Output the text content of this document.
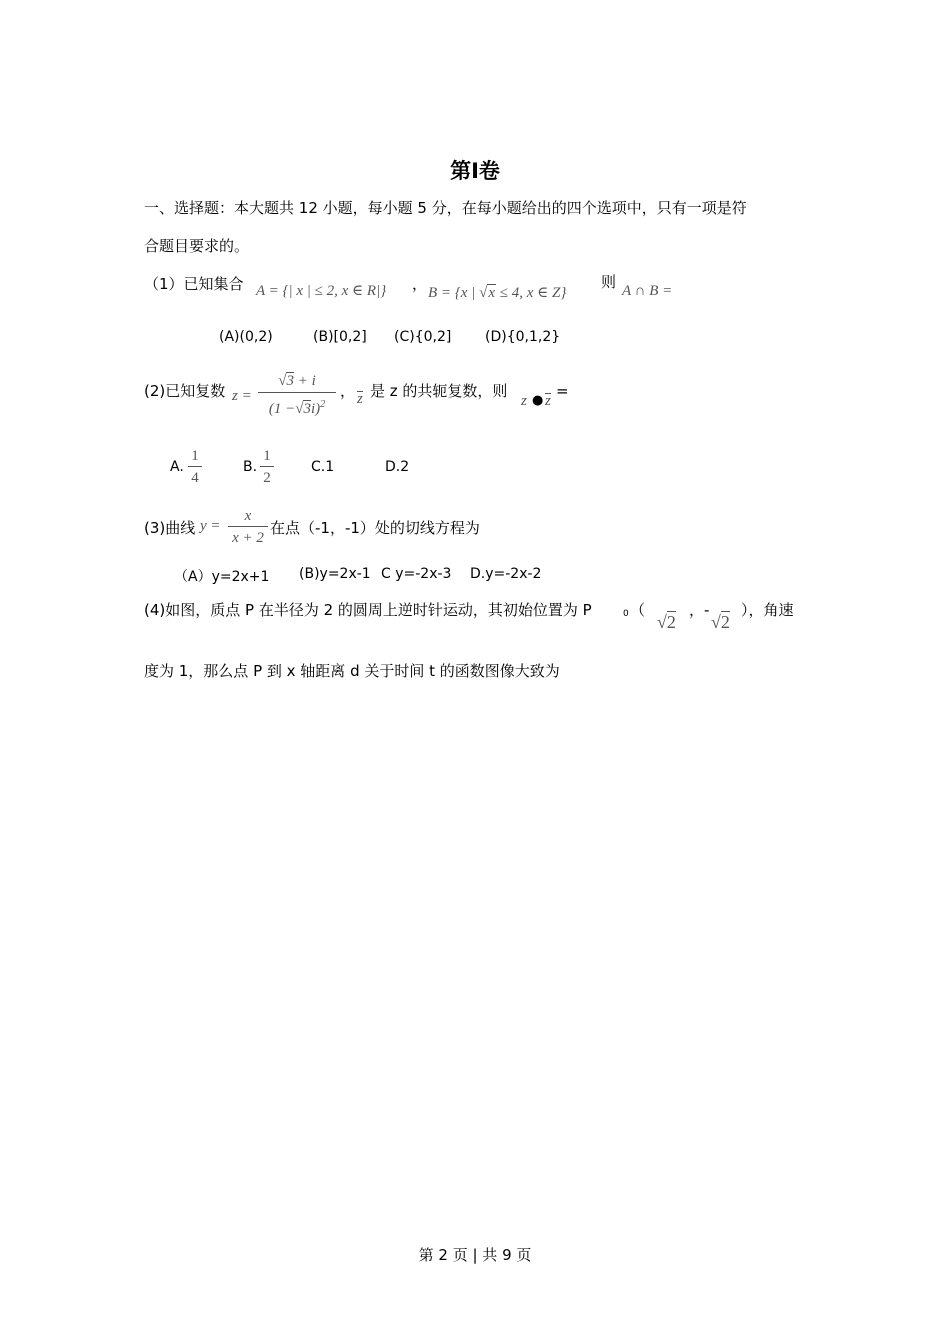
第Ⅰ卷
一、选择题：本大题共 12 小题，每小题 5 分，在每小题给出的四个选项中，只有一项是符
合题目要求的。
（1）已知集合 A = {| x | ≤ 2, x ∈ R|} ， B = {x | √x ≤ 4, x ∈ Z}
则 A ∩ B =
(A)(0,2)	(B)[0,2] (C){0,2] (D){0,1,2}
(2)已知复数 z =
√3 + i
$(1 -√3i)^2$
， z 是 z 的共轭复数，则
z ● z
=
A.
1
4
B.
1
2
C.1	D.2
(3)曲线 y =
x
x + 2
在点（-1，-1）处的切线方程为
（A）y=2x+1 (B)y=2x-1 C y=-2x-3 D.y=-2x-2
(4)如图，质点 P 在半径为 2 的圆周上逆时针运动，其初始位置为 P	0 （
√2
，-
√2
），角速
度为 1，那么点 P 到 x 轴距离 d 关于时间 t 的函数图像大致为
第 2 页 | 共 9 页
